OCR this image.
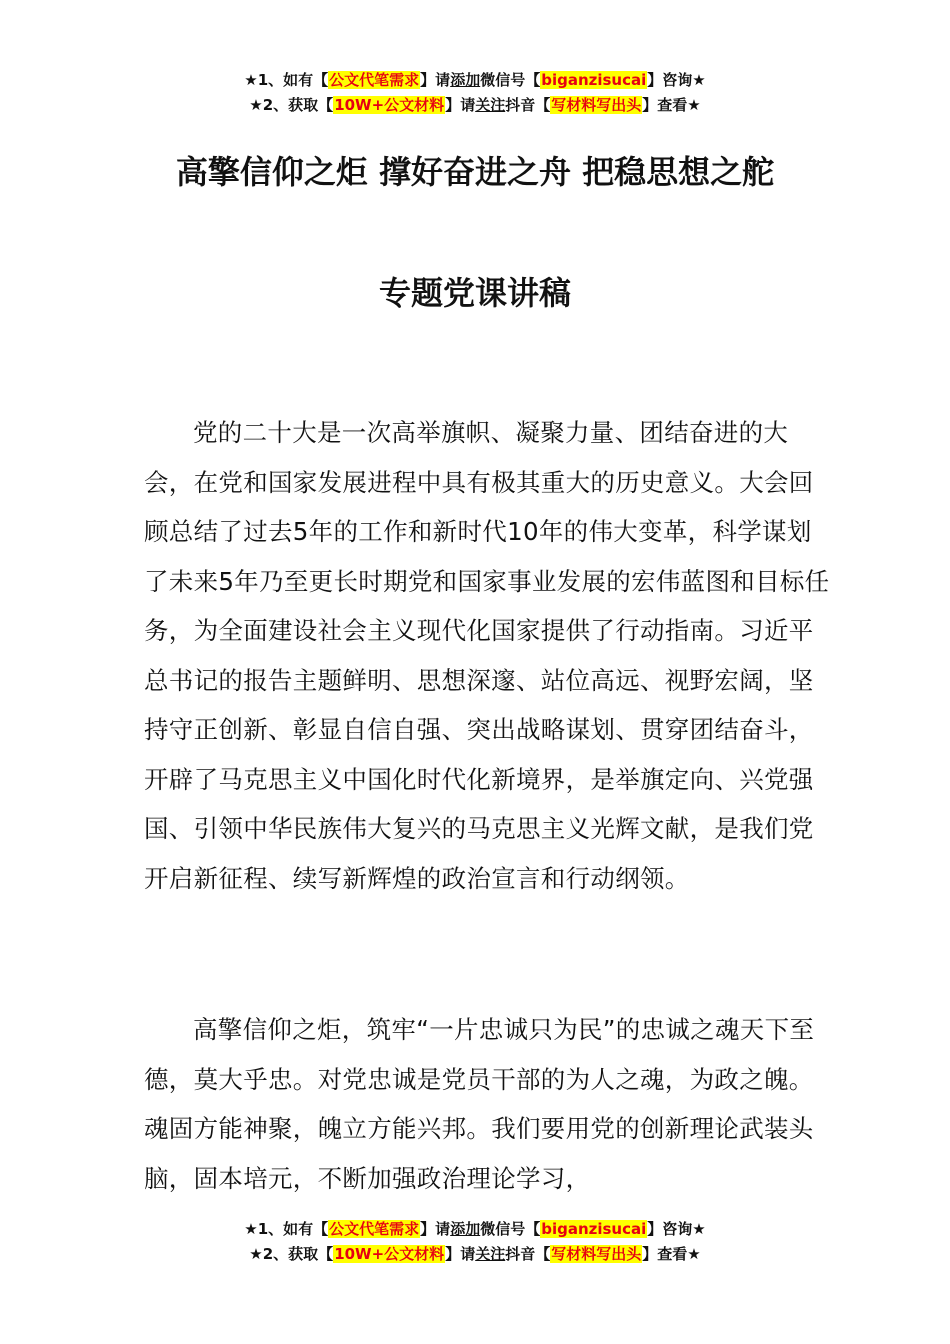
★1、如有【公文代笔需求】请添加微信号【biganzisucai】咨询★
★2、获取【10W+公文材料】请关注抖音【写材料写出头】查看★
高擎信仰之炬 撑好奋进之舟 把稳思想之舵
专题党课讲稿

党的二十大是一次高举旗帜、凝聚力量、团结奋进的大会，在党和国家发展进程中具有极其重大的历史意义。大会回顾总结了过去5年的工作和新时代10年的伟大变革，科学谋划了未来5年乃至更长时期党和国家事业发展的宏伟蓝图和目标任务，为全面建设社会主义现代化国家提供了行动指南。习近平总书记的报告主题鲜明、思想深邃、站位高远、视野宏阔，坚持守正创新、彰显自信自强、突出战略谋划、贯穿团结奋斗，开辟了马克思主义中国化时代化新境界，是举旗定向、兴党强国、引领中华民族伟大复兴的马克思主义光辉文献，是我们党开启新征程、续写新辉煌的政治宣言和行动纲领。

高擎信仰之炬，筑牢“一片忠诚只为民”的忠诚之魂天下至德，莫大乎忠。对党忠诚是党员干部的为人之魂，为政之魄。魂固方能神聚，魄立方能兴邦。我们要用党的创新理论武装头脑，固本培元，不断加强政治理论学习，

★1、如有【公文代笔需求】请添加微信号【biganzisucai】咨询★
★2、获取【10W+公文材料】请关注抖音【写材料写出头】查看★
